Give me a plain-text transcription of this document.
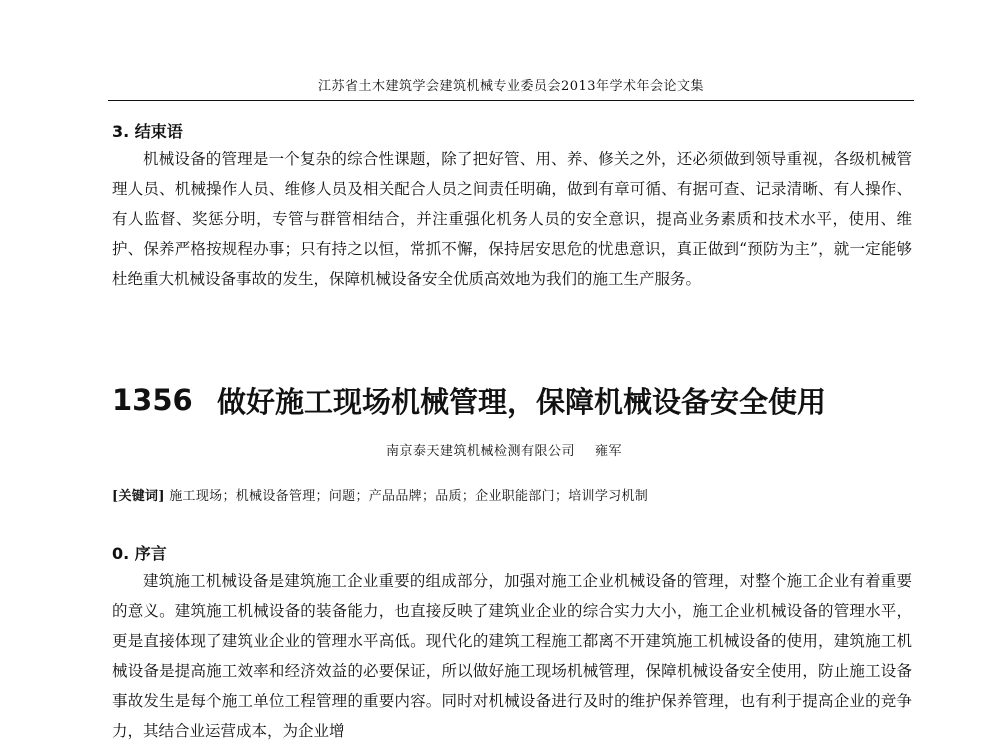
江苏省土木建筑学会建筑机械专业委员会2013年学术年会论文集
3. 结束语

机械设备的管理是一个复杂的综合性课题，除了把好管、用、养、修关之外，还必须做到领导重视，各级机械管理人员、机械操作人员、维修人员及相关配合人员之间责任明确，做到有章可循、有据可查、记录清晰、有人操作、有人监督、奖惩分明，专管与群管相结合，并注重强化机务人员的安全意识，提高业务素质和技术水平，使用、维护、保养严格按规程办事；只有持之以恒，常抓不懈，保持居安思危的忧患意识，真正做到“预防为主”，就一定能够杜绝重大机械设备事故的发生，保障机械设备安全优质高效地为我们的施工生产服务。

1356 做好施工现场机械管理，保障机械设备安全使用
南京泰天建筑机械检测有限公司 雍军
[关键词] 施工现场；机械设备管理；问题；产品品牌；品质；企业职能部门；培训学习机制
0. 序言

建筑施工机械设备是建筑施工企业重要的组成部分，加强对施工企业机械设备的管理，对整个施工企业有着重要的意义。建筑施工机械设备的装备能力，也直接反映了建筑业企业的综合实力大小，施工企业机械设备的管理水平，更是直接体现了建筑业企业的管理水平高低。现代化的建筑工程施工都离不开建筑施工机械设备的使用，建筑施工机械设备是提高施工效率和经济效益的必要保证，所以做好施工现场机械管理，保障机械设备安全使用，防止施工设备事故发生是每个施工单位工程管理的重要内容。同时对机械设备进行及时的维护保养管理，也有利于提高企业的竞争力，其结合业运营成本，为企业增
